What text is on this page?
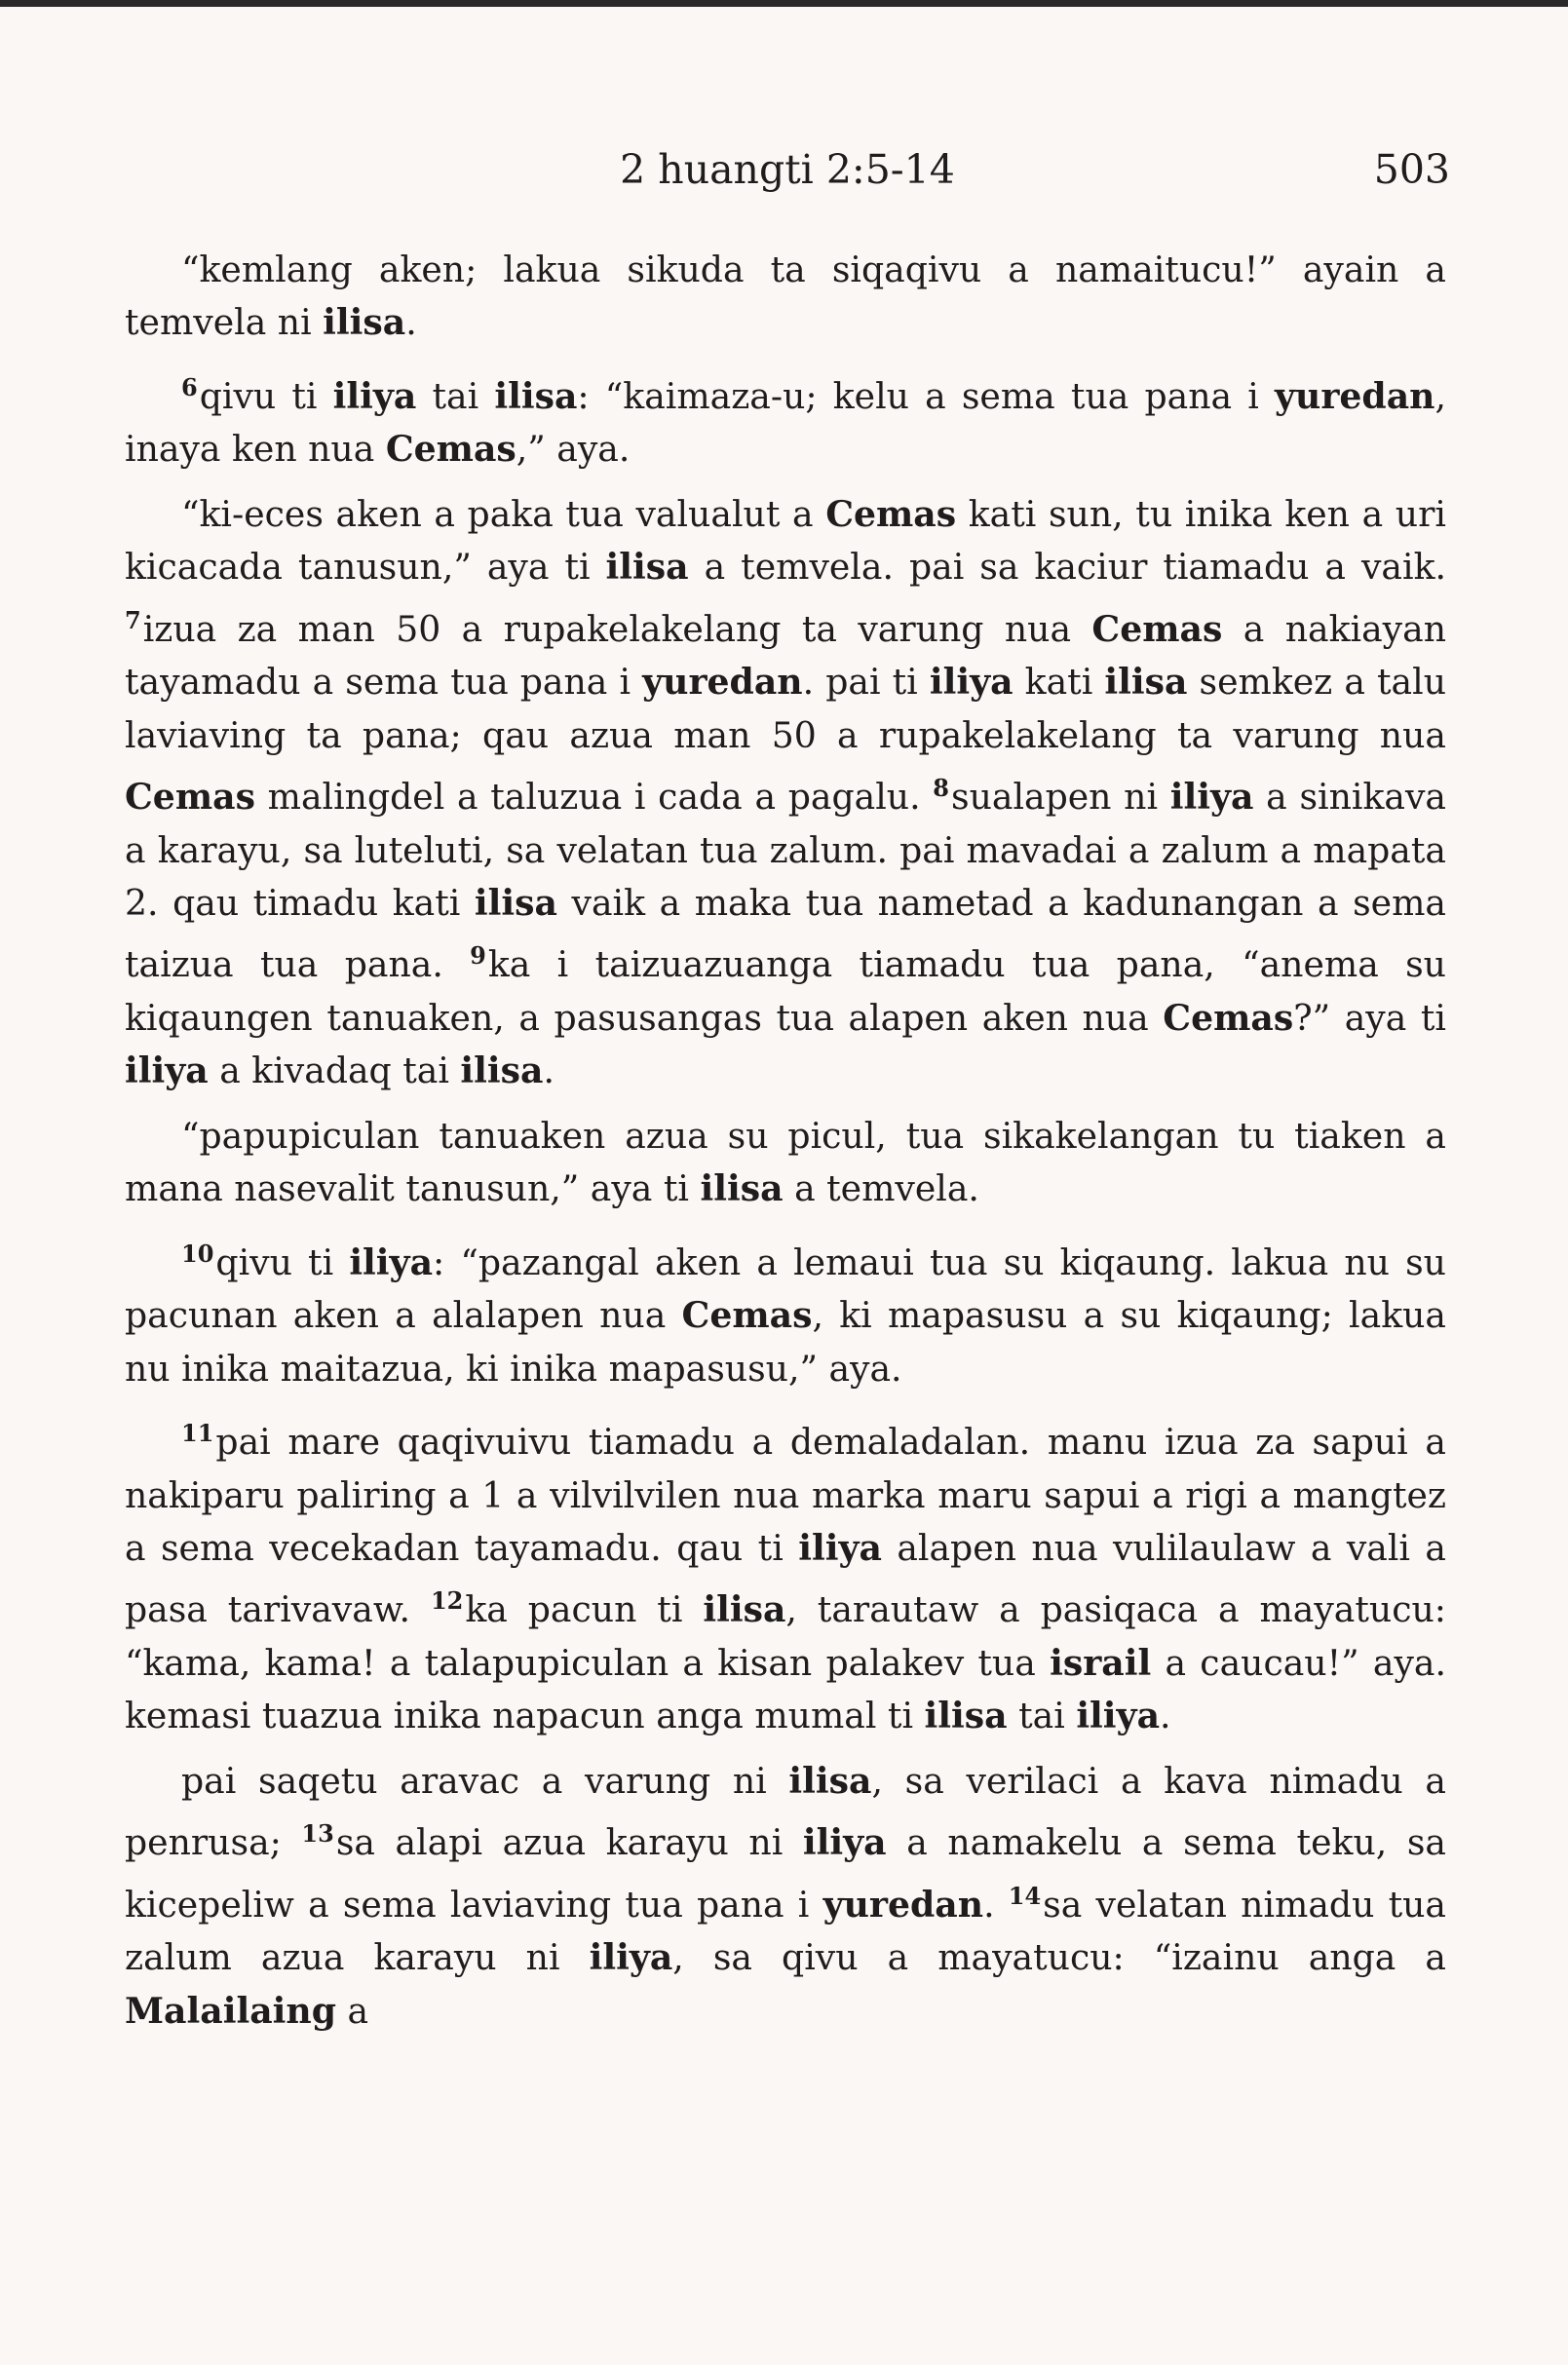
2 huangti 2:5-14	503

“kemlang aken; lakua sikuda ta siqaqivu a namaitucu!” ayain a temvela ni ilisa.

$^6$qivu ti iliya tai ilisa: “kaimaza-u; kelu a sema tua pana i yuredan, inaya ken nua Cemas,” aya.

“ki-eces aken a paka tua valualut a Cemas kati sun, tu inika ken a uri kicacada tanusun,” aya ti ilisa a temvela. pai sa kaciur tiamadu a vaik. $^7$izua za man 50 a rupakelakelang ta varung nua Cemas a nakiayan tayamadu a sema tua pana i yuredan. pai ti iliya kati ilisa semkez a talu laviaving ta pana; qau azua man 50 a rupakelakelang ta varung nua Cemas malingdel a taluzua i cada a pagalu. $^8$sualapen ni iliya a sinikava a karayu, sa luteluti, sa velatan tua zalum. pai mavadai a zalum a mapata 2. qau timadu kati ilisa vaik a maka tua nametad a kadunangan a sema taizua tua pana. $^9$ka i taizuazuanga tiamadu tua pana, “anema su kiqaungen tanuaken, a pasusangas tua alapen aken nua Cemas?” aya ti iliya a kivadaq tai ilisa.

“papupiculan tanuaken azua su picul, tua sikakelangan tu tiaken a mana nasevalit tanusun,” aya ti ilisa a temvela.

$^{10}$qivu ti iliya: “pazangal aken a lemaui tua su kiqaung. lakua nu su pacunan aken a alalapen nua Cemas, ki mapasusu a su kiqaung; lakua nu inika maitazua, ki inika mapasusu,” aya.

$^{11}$pai mare qaqivuivu tiamadu a demaladalan. manu izua za sapui a nakiparu paliring a 1 a vilvilvilen nua marka maru sapui a rigi a mangtez a sema vecekadan tayamadu. qau ti iliya alapen nua vulilaulaw a vali a pasa tarivavaw. $^{12}$ka pacun ti ilisa, tarautaw a pasiqaca a mayatucu: “kama, kama! a talapupiculan a kisan palakev tua israil a caucau!” aya. kemasi tuazua inika napacun anga mumal ti ilisa tai iliya.

pai saqetu aravac a varung ni ilisa, sa verilaci a kava nimadu a penrusa; $^{13}$sa alapi azua karayu ni iliya a namakelu a sema teku, sa kicepeliw a sema laviaving tua pana i yuredan. $^{14}$sa velatan nimadu tua zalum azua karayu ni iliya, sa qivu a mayatucu: “izainu anga a Malailaing a
